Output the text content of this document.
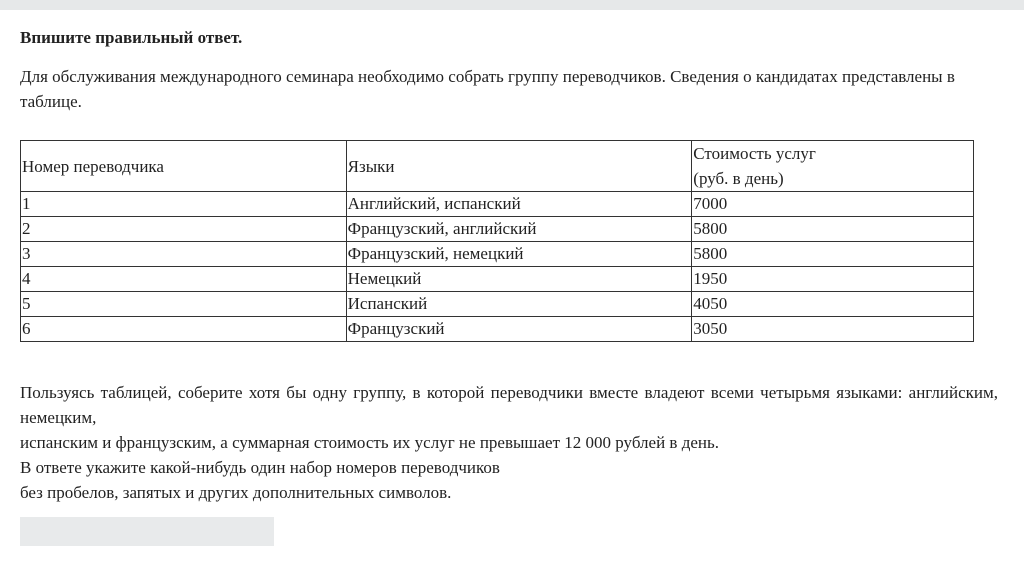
Впишите правильный ответ.
Для обслуживания международного семинара необходимо собрать группу переводчиков. Сведения о кандидатах представлены в таблице.
Номер переводчика	Языки	Стоимость услуг
(руб. в день)
1	Английский, испанский	7000
2	Французский, английский	5800
3	Французский, немецкий	5800
4	Немецкий	1950
5	Испанский	4050
6	Французский	3050

Пользуясь таблицей, соберите хотя бы одну группу, в которой переводчики вместе владеют всеми четырьмя языками: английским, немецким,

испанским и французским, а суммарная стоимость их услуг не превышает 12 000 рублей в день.

В ответе укажите какой-нибудь один набор номеров переводчиков

без пробелов, запятых и других дополнительных символов.
